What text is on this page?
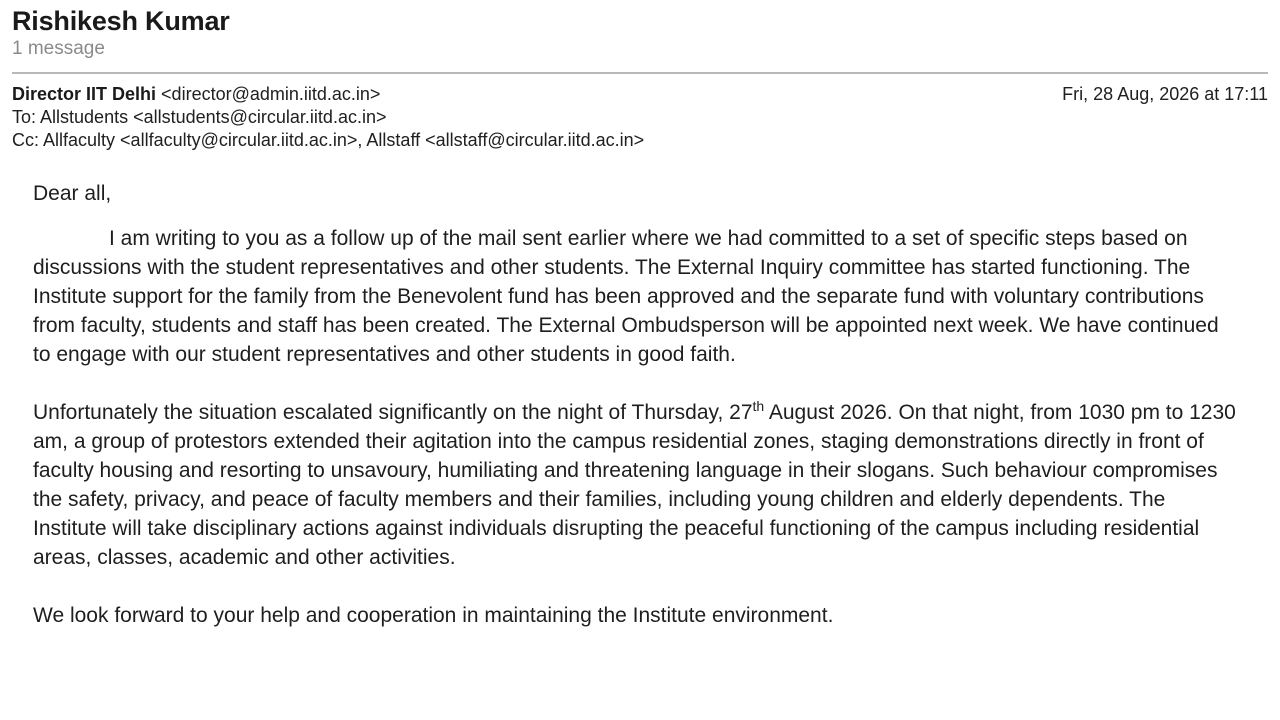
Rishikesh Kumar
1 message
Director IIT Delhi <director@admin.iitd.ac.in>	Fri, 28 Aug, 2026 at 17:11
To: Allstudents <allstudents@circular.iitd.ac.in>
Cc: Allfaculty <allfaculty@circular.iitd.ac.in>, Allstaff <allstaff@circular.iitd.ac.in>

Dear all,

I am writing to you as a follow up of the mail sent earlier where we had committed to a set of specific steps based on discussions with the student representatives and other students. The External Inquiry committee has started functioning. The Institute support for the family from the Benevolent fund has been approved and the separate fund with voluntary contributions from faculty, students and staff has been created. The External Ombudsperson will be appointed next week. We have continued to engage with our student representatives and other students in good faith.

Unfortunately the situation escalated significantly on the night of Thursday, 27th August 2026. On that night, from 1030 pm to 1230 am, a group of protestors extended their agitation into the campus residential zones, staging demonstrations directly in front of faculty housing and resorting to unsavoury, humiliating and threatening language in their slogans. Such behaviour compromises the safety, privacy, and peace of faculty members and their families, including young children and elderly dependents. The Institute will take disciplinary actions against individuals disrupting the peaceful functioning of the campus including residential areas, classes, academic and other activities.

We look forward to your help and cooperation in maintaining the Institute environment.
